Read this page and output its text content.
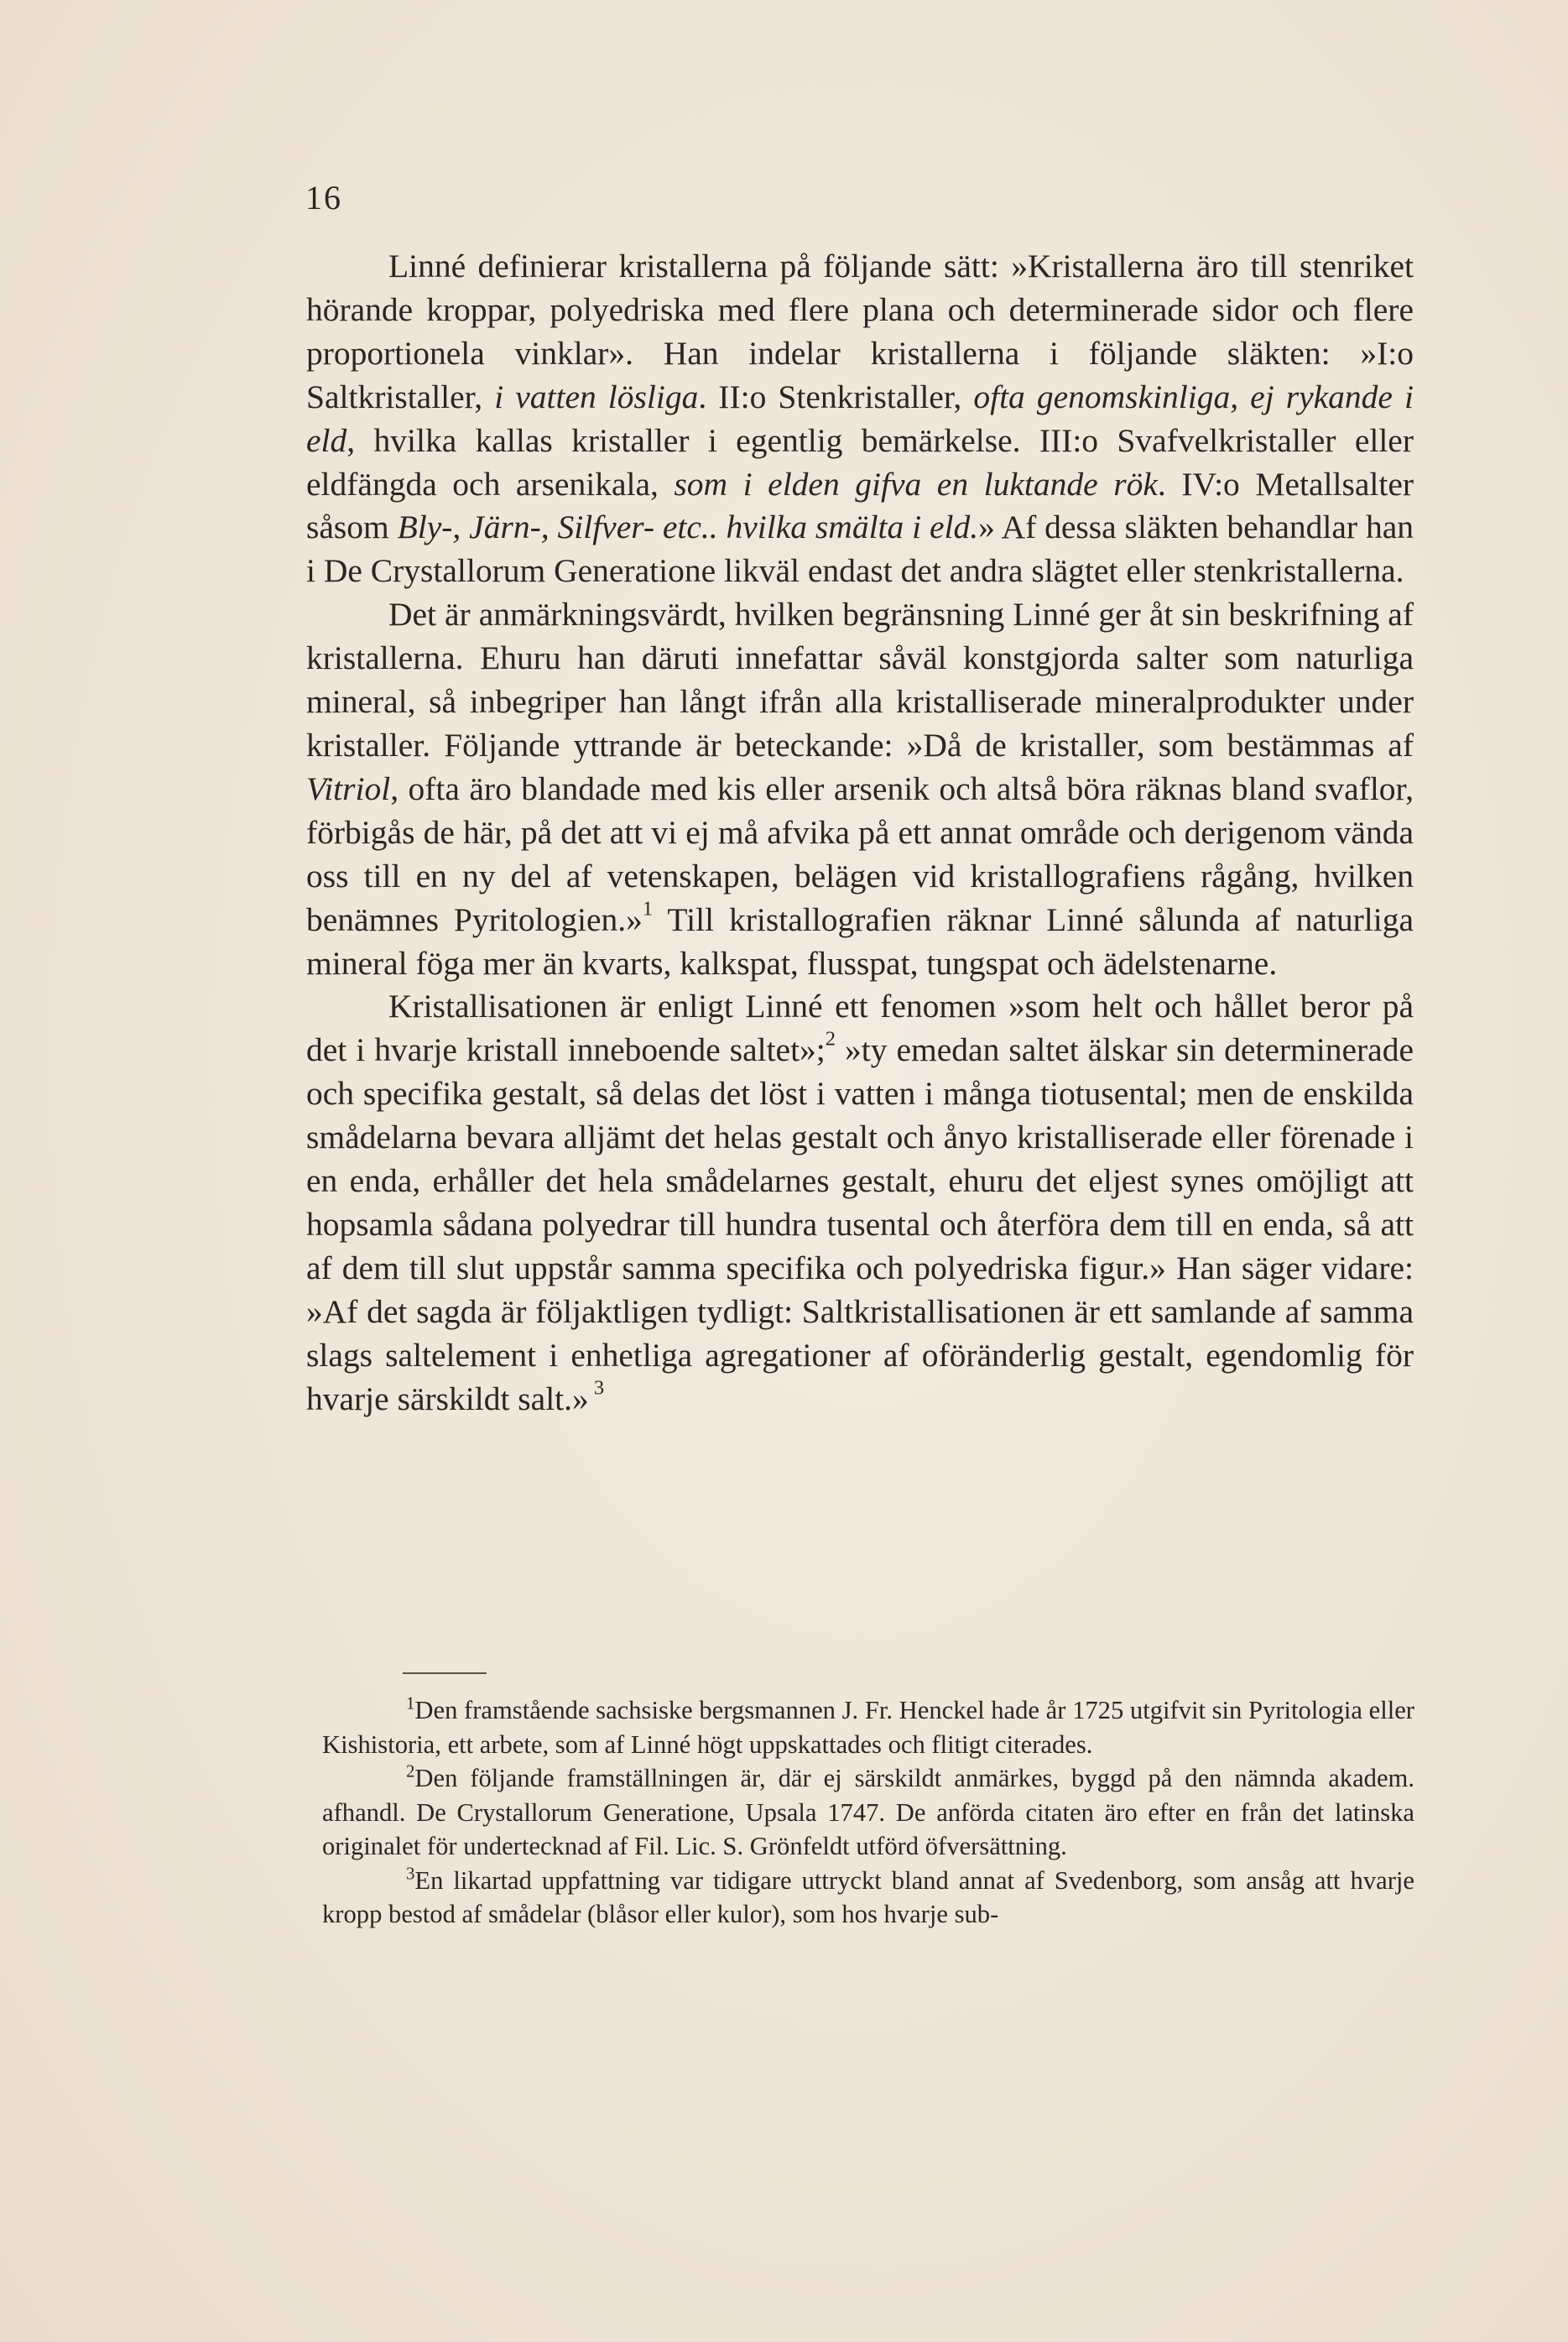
16

Linné definierar kristallerna på följande sätt: »Kristallerna äro till stenriket hörande kroppar, polyedriska med flere plana och determinerade sidor och flere proportionela vinklar». Han indelar kristallerna i följande släkten: »I:o Saltkristaller, i vatten lösliga. II:o Stenkristaller, ofta genomskinliga, ej rykande i eld, hvilka kallas kristaller i egentlig bemärkelse. III:o Svafvelkristaller eller eldfängda och arsenikala, som i elden gifva en luktande rök. IV:o Metallsalter såsom Bly-, Järn-, Silfver- etc.. hvilka smälta i eld.» Af dessa släkten behandlar han i De Crystallorum Generatione likväl endast det andra slägtet eller stenkristallerna.

Det är anmärkningsvärdt, hvilken begränsning Linné ger åt sin beskrifning af kristallerna. Ehuru han däruti innefattar såväl konstgjorda salter som naturliga mineral, så inbegriper han långt ifrån alla kristalliserade mineralprodukter under kristaller. Följande yttrande är beteckande: »Då de kristaller, som bestämmas af Vitriol, ofta äro blandade med kis eller arsenik och altså böra räknas bland svaflor, förbigås de här, på det att vi ej må afvika på ett annat område och derigenom vända oss till en ny del af vetenskapen, belägen vid kristallografiens rågång, hvilken benämnes Pyritologien.»$^1$ Till kristallografien räknar Linné sålunda af naturliga mineral föga mer än kvarts, kalkspat, flusspat, tungspat och ädelstenarne.

Kristallisationen är enligt Linné ett fenomen »som helt och hållet beror på det i hvarje kristall inneboende saltet»;$^2$ »ty emedan saltet älskar sin determinerade och specifika gestalt, så delas det löst i vatten i många tiotusental; men de enskilda smådelarna bevara alljämt det helas gestalt och ånyo kristalliserade eller förenade i en enda, erhåller det hela smådelarnes gestalt, ehuru det eljest synes omöjligt att hopsamla sådana polyedrar till hundra tusental och återföra dem till en enda, så att af dem till slut uppstår samma specifika och polyedriska figur.» Han säger vidare: »Af det sagda är följaktligen tydligt: Saltkristallisationen är ett samlande af samma slags saltelement i enhetliga agregationer af oföränderlig gestalt, egendomlig för hvarje särskildt salt.» $^3$

$^1$Den framstående sachsiske bergsmannen J. Fr. Henckel hade år 1725 utgifvit sin Pyritologia eller Kishistoria, ett arbete, som af Linné högt uppskattades och flitigt citerades.

$^2$Den följande framställningen är, där ej särskildt anmärkes, byggd på den nämnda akadem. afhandl. De Crystallorum Generatione, Upsala 1747. De anförda citaten äro efter en från det latinska originalet för undertecknad af Fil. Lic. S. Grönfeldt utförd öfversättning.

$^3$En likartad uppfattning var tidigare uttryckt bland annat af Svedenborg, som ansåg att hvarje kropp bestod af smådelar (blåsor eller kulor), som hos hvarje sub-
